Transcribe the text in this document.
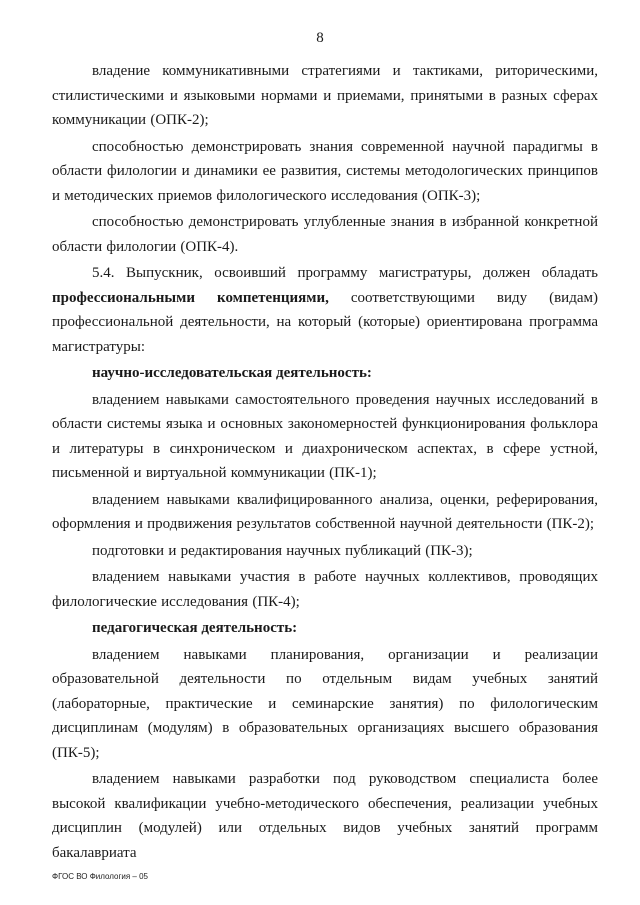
8

владение коммуникативными стратегиями и тактиками, риторическими, стилистическими и языковыми нормами и приемами, принятыми в разных сферах коммуникации (ОПК-2);

способностью демонстрировать знания современной научной парадигмы в области филологии и динамики ее развития, системы методологических принципов и методических приемов филологического исследования (ОПК-3);

способностью демонстрировать углубленные знания в избранной конкретной области филологии (ОПК-4).

5.4. Выпускник, освоивший программу магистратуры, должен обладать профессиональными компетенциями, соответствующими виду (видам) профессиональной деятельности, на который (которые) ориентирована программа магистратуры:

научно-исследовательская деятельность:

владением навыками самостоятельного проведения научных исследований в области системы языка и основных закономерностей функционирования фольклора и литературы в синхроническом и диахроническом аспектах, в сфере устной, письменной и виртуальной коммуникации (ПК-1);

владением навыками квалифицированного анализа, оценки, реферирования, оформления и продвижения результатов собственной научной деятельности (ПК-2);

подготовки и редактирования научных публикаций (ПК-3);

владением навыками участия в работе научных коллективов, проводящих филологические исследования (ПК-4);

педагогическая деятельность:

владением навыками планирования, организации и реализации образовательной деятельности по отдельным видам учебных занятий (лабораторные, практические и семинарские занятия) по филологическим дисциплинам (модулям) в образовательных организациях высшего образования (ПК-5);

владением навыками разработки под руководством специалиста более высокой квалификации учебно-методического обеспечения, реализации учебных дисциплин (модулей) или отдельных видов учебных занятий программ бакалавриата

ФГОС ВО Филология – 05
